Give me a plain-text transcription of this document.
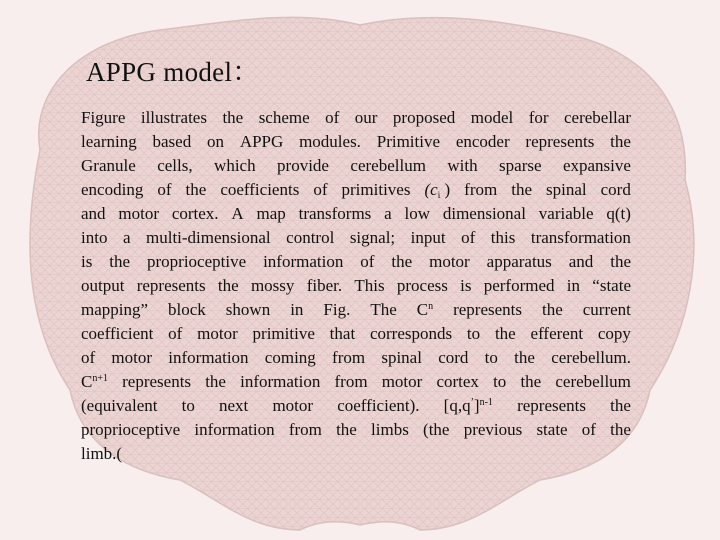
APPG model：
Figure illustrates the scheme of our proposed model for cerebellar
learning based on APPG modules. Primitive encoder represents the
Granule cells, which provide cerebellum with sparse expansive
encoding of the coefficients of primitives ($c_i$ ) from the spinal cord
and motor cortex. A map transforms a low dimensional variable q(t)
into a multi-dimensional control signal; input of this transformation
is the proprioceptive information of the motor apparatus and the
output represents the mossy fiber. This process is performed in “state
mapping” block shown in Fig. The $C^n$ represents the current
coefficient of motor primitive that corresponds to the efferent copy
of motor information coming from spinal cord to the cerebellum.
$C^{n+1}$ represents the information from motor cortex to the cerebellum
(equivalent to next motor coefficient). $[q,q^’]^{n-1}$ represents the
proprioceptive information from the limbs (the previous state of the
limb.(
